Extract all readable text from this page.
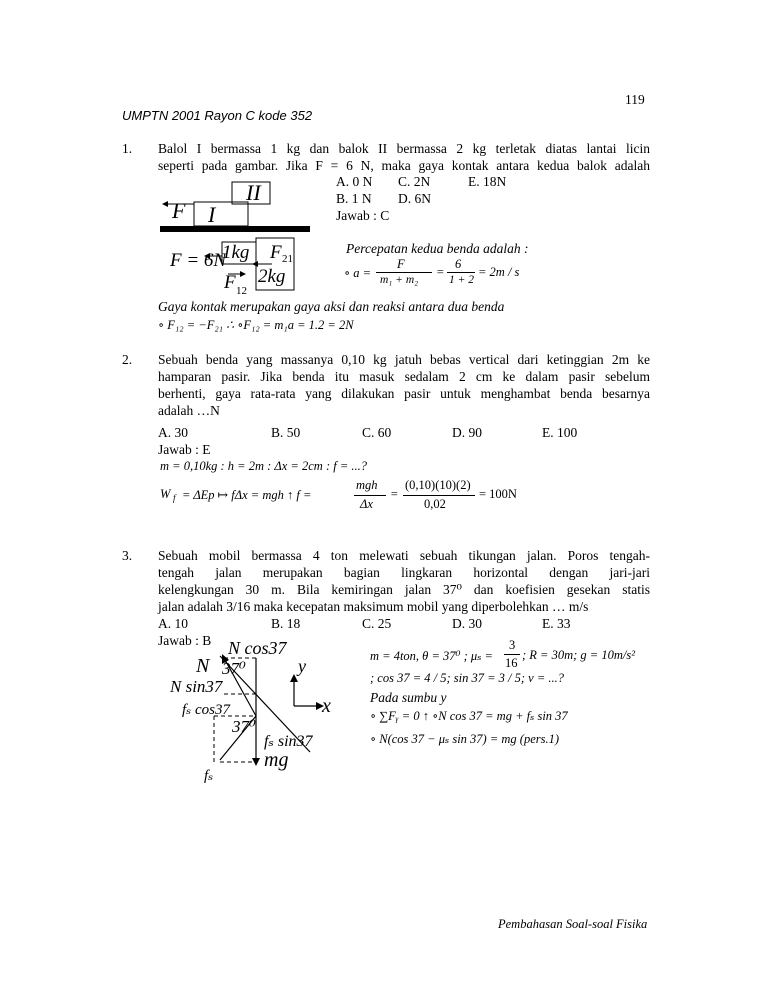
119
UMPTN 2001 Rayon C kode 352
1. Balol I bermassa 1 kg dan balok II bermassa 2 kg terletak diatas lantai licin
seperti pada gambar. Jika F = 6 N, maka gaya kontak antara kedua balok adalah
F I
II	A. 0 N C. 2N	E. 18N
B. 1 N D. 6N
Jawab : C
F = 6N
1kg
2kg
F 21
F 12
Percepatan kedua benda adalah :
∘ a =
F
m₁ + m₂
=
6
1 + 2
= 2m / s
Gaya kontak merupakan gaya aksi dan reaksi antara dua benda
∘ F₁₂ = −F₂₁ ∴ ∘F₁₂ = m₁a = 1.2 = 2N
2. Sebuah benda yang massanya 0,10 kg jatuh bebas vertical dari ketinggian 2m ke
hamparan pasir. Jika benda itu masuk sedalam 2 cm ke dalam pasir sebelum
berhenti, gaya rata-rata yang dilakukan pasir untuk menghambat benda besarnya
adalah …N
A. 30	B. 50	C. 60	D. 90	E. 100
Jawab : E
m = 0,10kg : h = 2m : Δx = 2cm : f = ...?
W f = ΔEp ↦ fΔx = mgh ↑ f =
mgh
Δx
=
(0,10)(10)(2)
0,02
= 100N
3. Sebuah mobil bermassa 4 ton melewati sebuah tikungan jalan. Poros tengah-
tengah jalan merupakan bagian lingkaran horizontal dengan jari-jari
kelengkungan 30 m. Bila kemiringan jalan 37⁰ dan koefisien gesekan statis
jalan adalah 3/16 maka kecepatan maksimum mobil yang diperbolehkan … m/s
A. 10	B. 18	C. 25	D. 30	E. 33
Jawab : B N cos37
N 37⁰
N sin37
fₛ cos37
37⁰
fₛ sin37
mg
fₛ
y
x
m = 4ton, θ = 37⁰ ; μₛ =
3
16
; R = 30m; g = 10m/s²
; cos 37 = 4 / 5; sin 37 = 3 / 5; v = ...?
Pada sumbu y
∘ ∑Fᵧ = 0 ↑ ∘N cos 37 = mg + fₛ sin 37
∘ N(cos 37 − μₛ sin 37) = mg (pers.1)
Pembahasan Soal-soal Fisika
